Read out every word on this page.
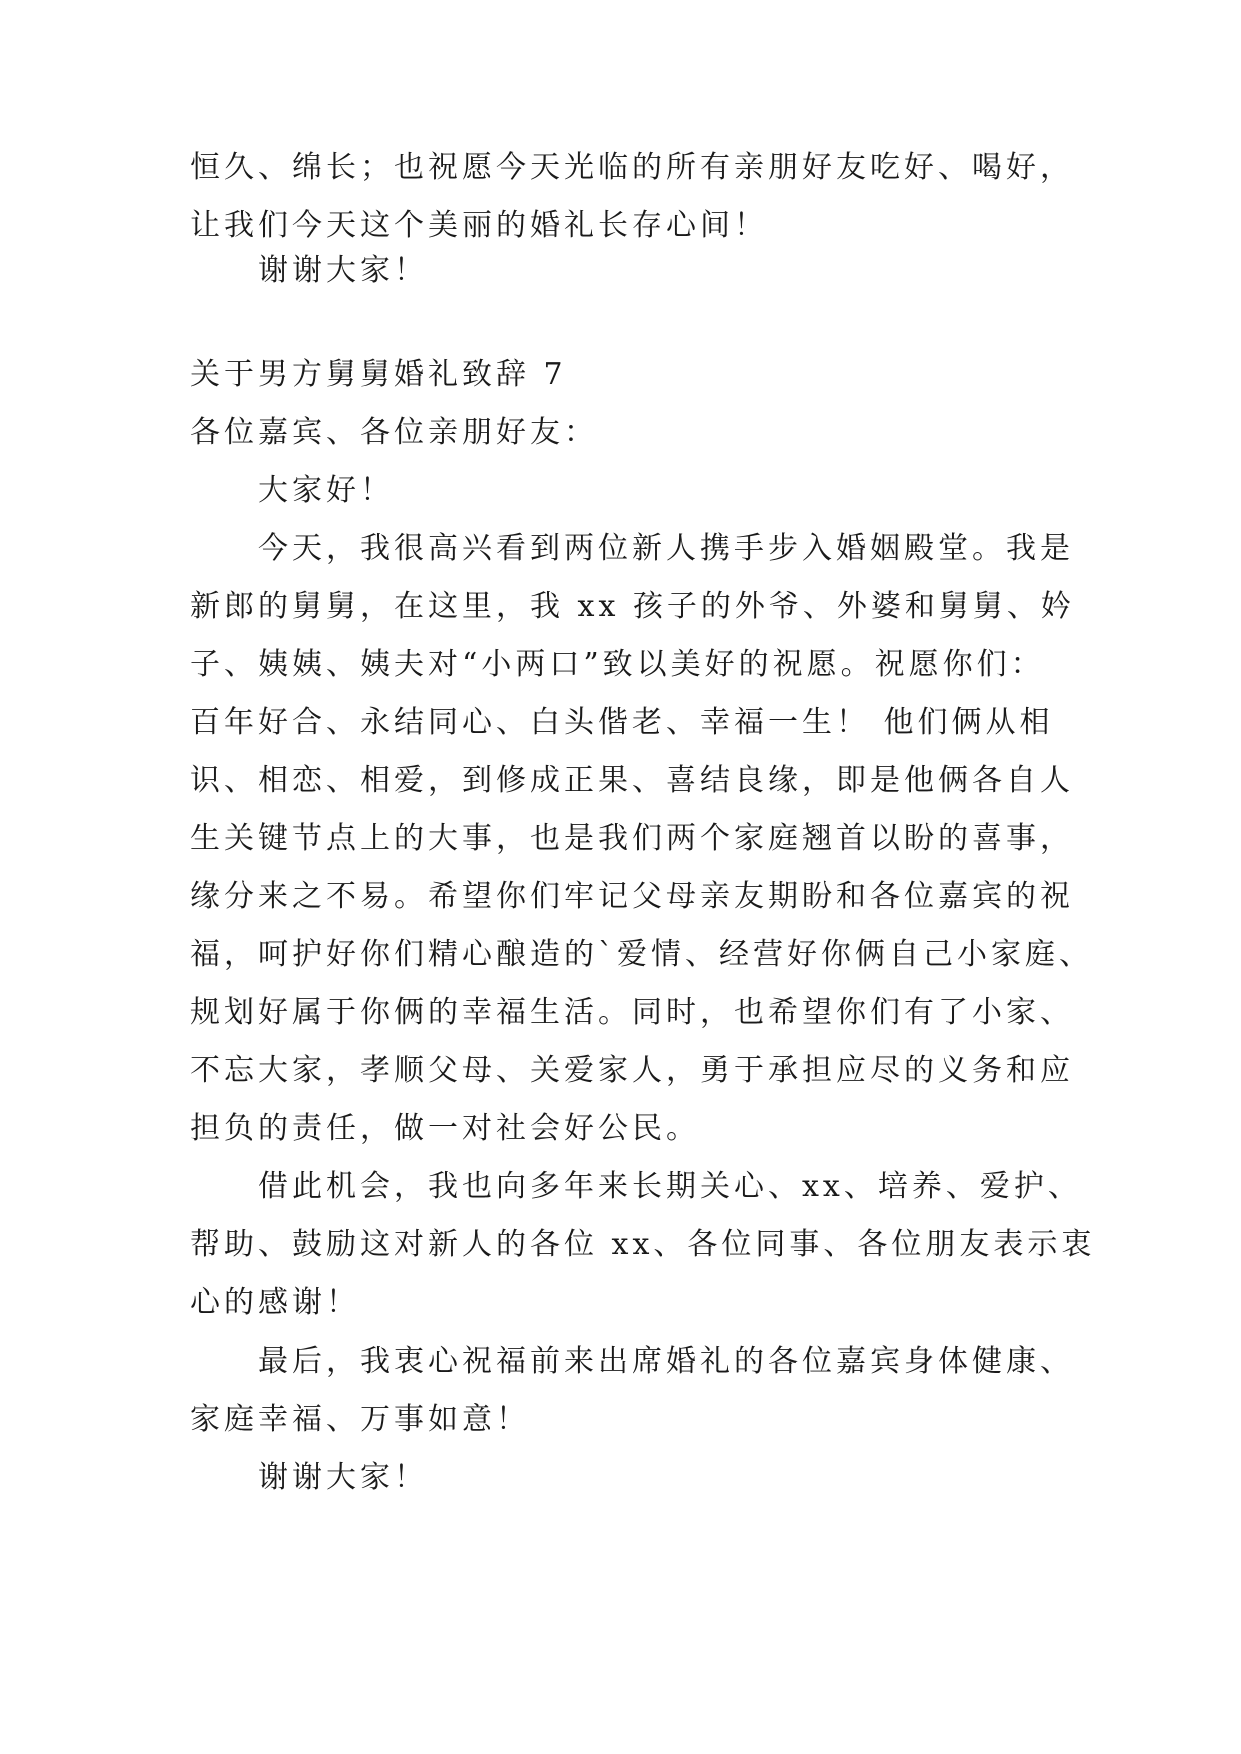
恒久、绵长；也祝愿今天光临的所有亲朋好友吃好、喝好，
让我们今天这个美丽的婚礼长存心间！
谢谢大家！
关于男方舅舅婚礼致辞 7
各位嘉宾、各位亲朋好友：
大家好！
今天，我很高兴看到两位新人携手步入婚姻殿堂。我是
新郎的舅舅，在这里，我 xx 孩子的外爷、外婆和舅舅、妗
子、姨姨、姨夫对“小两口”致以美好的祝愿。祝愿你们：
百年好合、永结同心、白头偕老、幸福一生！ 他们俩从相
识、相恋、相爱，到修成正果、喜结良缘，即是他俩各自人
生关键节点上的大事，也是我们两个家庭翘首以盼的喜事，
缘分来之不易。希望你们牢记父母亲友期盼和各位嘉宾的祝
福，呵护好你们精心酿造的`爱情、经营好你俩自己小家庭、
规划好属于你俩的幸福生活。同时，也希望你们有了小家、
不忘大家，孝顺父母、关爱家人，勇于承担应尽的义务和应
担负的责任，做一对社会好公民。
借此机会，我也向多年来长期关心、xx、培养、爱护、
帮助、鼓励这对新人的各位 xx、各位同事、各位朋友表示衷
心的感谢！
最后，我衷心祝福前来出席婚礼的各位嘉宾身体健康、
家庭幸福、万事如意！
谢谢大家！
